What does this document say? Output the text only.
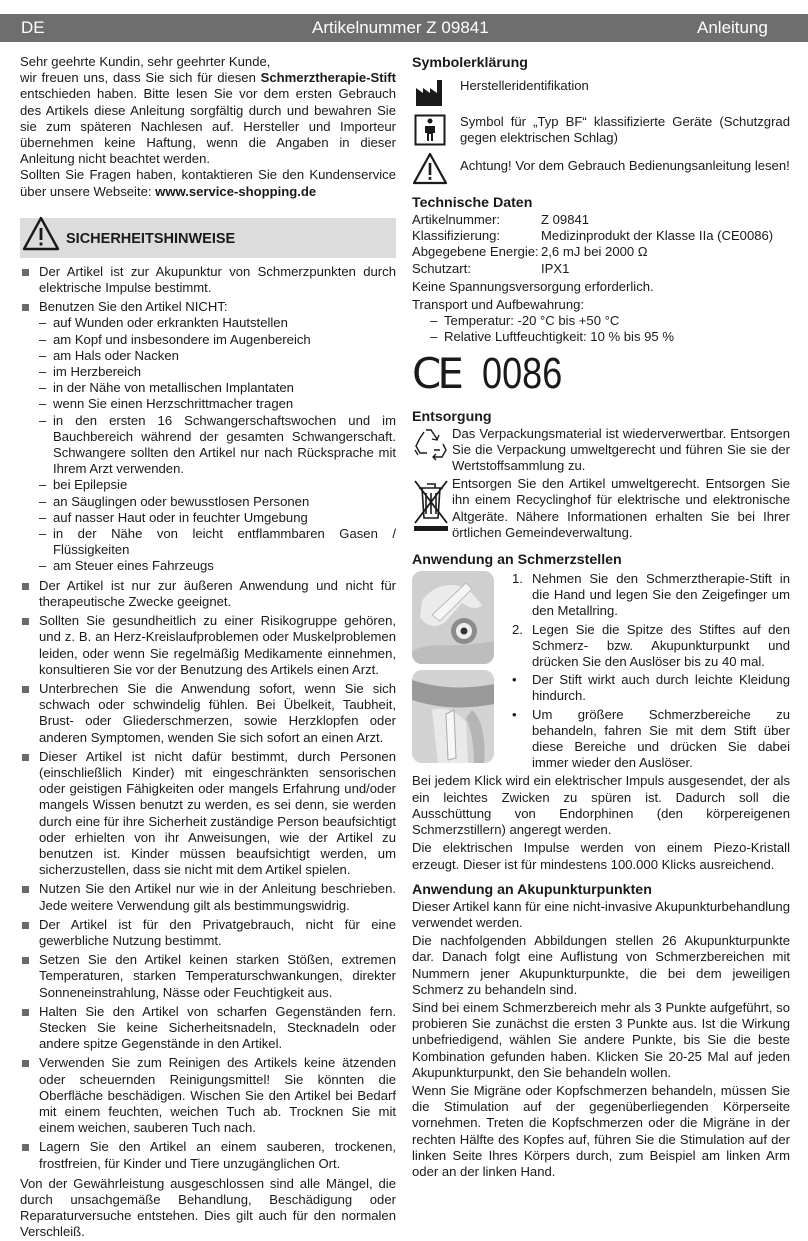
DE	Artikelnummer Z 09841	Anleitung

Sehr geehrte Kundin, sehr geehrter Kunde,

wir freuen uns, dass Sie sich für diesen Schmerztherapie-Stift entschieden haben. Bitte lesen Sie vor dem ersten Gebrauch des Artikels diese Anleitung sorgfältig durch und bewahren Sie sie zum späteren Nachlesen auf. Hersteller und Importeur übernehmen keine Haftung, wenn die Angaben in dieser Anleitung nicht beachtet werden.

Sollten Sie Fragen haben, kontaktieren Sie den Kundenservice über unsere Webseite: www.service-shopping.de

SICHERHEITSHINWEISE
Der Artikel ist zur Akupunktur von Schmerzpunkten durch elektrische Impulse bestimmt.
Benutzen Sie den Artikel NICHT:
– auf Wunden oder erkrankten Hautstellen
– am Kopf und insbesondere im Augenbereich
– am Hals oder Nacken
– im Herzbereich
– in der Nähe von metallischen Implantaten
– wenn Sie einen Herzschrittmacher tragen
– in den ersten 16 Schwangerschaftswochen und im Bauchbereich während der gesamten Schwangerschaft. Schwangere sollten den Artikel nur nach Rücksprache mit Ihrem Arzt verwenden.
– bei Epilepsie
– an Säuglingen oder bewusstlosen Personen
– auf nasser Haut oder in feuchter Umgebung
– in der Nähe von leicht entflammbaren Gasen / Flüssigkeiten
– am Steuer eines Fahrzeugs
Der Artikel ist nur zur äußeren Anwendung und nicht für therapeutische Zwecke geeignet.
Sollten Sie gesundheitlich zu einer Risikogruppe gehören, und z. B. an Herz-Kreislaufproblemen oder Muskelproblemen leiden, oder wenn Sie regelmäßig Medikamente einnehmen, konsultieren Sie vor der Benutzung des Artikels einen Arzt.
Unterbrechen Sie die Anwendung sofort, wenn Sie sich schwach oder schwindelig fühlen. Bei Übelkeit, Taubheit, Brust- oder Gliederschmerzen, sowie Herzklopfen oder anderen Symptomen, wenden Sie sich sofort an einen Arzt.
Dieser Artikel ist nicht dafür bestimmt, durch Personen (einschließlich Kinder) mit eingeschränkten sensorischen oder geistigen Fähigkeiten oder mangels Erfahrung und/oder mangels Wissen benutzt zu werden, es sei denn, sie werden durch eine für ihre Sicherheit zuständige Person beaufsichtigt oder erhielten von ihr Anweisungen, wie der Artikel zu benutzen ist. Kinder müssen beaufsichtigt werden, um sicherzustellen, dass sie nicht mit dem Artikel spielen.
Nutzen Sie den Artikel nur wie in der Anleitung beschrieben. Jede weitere Verwendung gilt als bestimmungswidrig.
Der Artikel ist für den Privatgebrauch, nicht für eine gewerbliche Nutzung bestimmt.
Setzen Sie den Artikel keinen starken Stößen, extremen Temperaturen, starken Temperaturschwankungen, direkter Sonneneinstrahlung, Nässe oder Feuchtigkeit aus.
Halten Sie den Artikel von scharfen Gegenständen fern. Stecken Sie keine Sicherheitsnadeln, Stecknadeln oder andere spitze Gegenstände in den Artikel.
Verwenden Sie zum Reinigen des Artikels keine ätzenden oder scheuernden Reinigungsmittel! Sie könnten die Oberfläche beschädigen. Wischen Sie den Artikel bei Bedarf mit einem feuchten, weichen Tuch ab. Trocknen Sie mit einem weichen, sauberen Tuch nach.
Lagern Sie den Artikel an einem sauberen, trockenen, frostfreien, für Kinder und Tiere unzugänglichen Ort.

Von der Gewährleistung ausgeschlossen sind alle Mängel, die durch unsachgemäße Behandlung, Beschädigung oder Reparaturversuche entstehen. Dies gilt auch für den normalen Verschleiß.

Symbolerklärung
Herstelleridentifikation
Symbol für „Typ BF“ klassifizierte Geräte (Schutzgrad gegen elektrischen Schlag)
Achtung! Vor dem Gebrauch Bedienungsanleitung lesen!
Technische Daten
Artikelnummer:	Z 09841
Klassifizierung:	Medizinprodukt der Klasse IIa (CE0086)
Abgegebene Energie: 2,6 mJ bei 2000 Ω
Schutzart:	IPX1

Keine Spannungsversorgung erforderlich.

Transport und Aufbewahrung:

– Temperatur: -20 °C bis +50 °C
– Relative Luftfeuchtigkeit: 10 % bis 95 %
CE 0086
Entsorgung

Das Verpackungsmaterial ist wiederverwertbar. Entsorgen Sie die Verpackung umweltgerecht und führen Sie sie der Wertstoffsammlung zu.

Entsorgen Sie den Artikel umweltgerecht. Entsorgen Sie ihn einem Recyclinghof für elektrische und elektronische Altgeräte. Nähere Informationen erhalten Sie bei Ihrer örtlichen Gemeindeverwaltung.

Anwendung an Schmerzstellen
1. Nehmen Sie den Schmerztherapie-Stift in die Hand und legen Sie den Zeigefinger um den Metallring.
2. Legen Sie die Spitze des Stiftes auf den Schmerz- bzw. Akupunkturpunkt und drücken Sie den Auslöser bis zu 40 mal.
• Der Stift wirkt auch durch leichte Kleidung hindurch.
• Um größere Schmerzbereiche zu behandeln, fahren Sie mit dem Stift über diese Bereiche und drücken Sie dabei immer wieder den Auslöser.

Bei jedem Klick wird ein elektrischer Impuls ausgesendet, der als ein leichtes Zwicken zu spüren ist. Dadurch soll die Ausschüttung von Endorphinen (den körpereigenen Schmerzstillern) angeregt werden.

Die elektrischen Impulse werden von einem Piezo-Kristall erzeugt. Dieser ist für mindestens 100.000 Klicks ausreichend.

Anwendung an Akupunkturpunkten

Dieser Artikel kann für eine nicht-invasive Akupunkturbehandlung verwendet werden.

Die nachfolgenden Abbildungen stellen 26 Akupunkturpunkte dar. Danach folgt eine Auflistung von Schmerzbereichen mit Nummern jener Akupunkturpunkte, die bei dem jeweiligen Schmerz zu behandeln sind.

Sind bei einem Schmerzbereich mehr als 3 Punkte aufgeführt, so probieren Sie zunächst die ersten 3 Punkte aus. Ist die Wirkung unbefriedigend, wählen Sie andere Punkte, bis Sie die beste Kombination gefunden haben. Klicken Sie 20-25 Mal auf jeden Akupunkturpunkt, den Sie behandeln wollen.

Wenn Sie Migräne oder Kopfschmerzen behandeln, müssen Sie die Stimulation auf der gegenüberliegenden Körperseite vornehmen. Treten die Kopfschmerzen oder die Migräne in der rechten Hälfte des Kopfes auf, führen Sie die Stimulation auf der linken Seite Ihres Körpers durch, zum Beispiel am linken Arm oder an der linken Hand.
